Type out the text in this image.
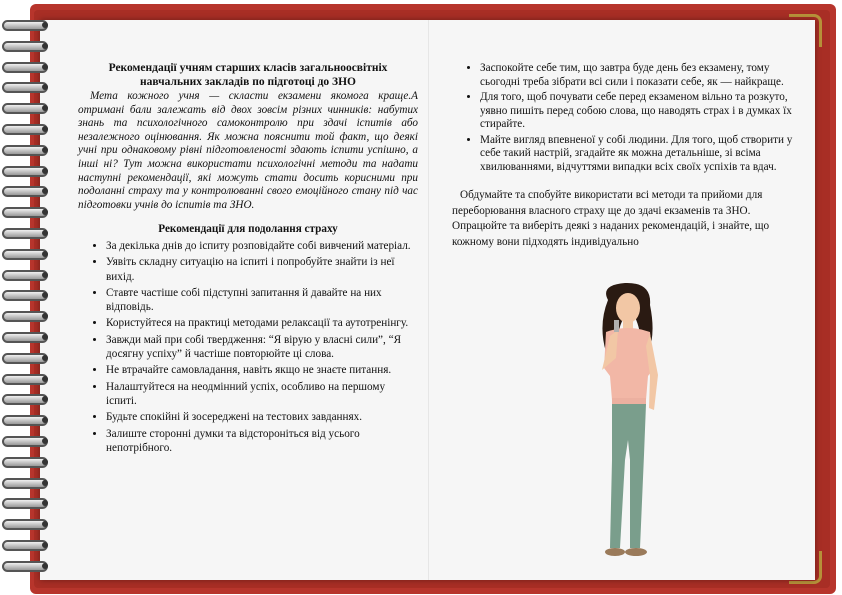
Рекомендації учням старших класів загальноосвітніх навчальних закладів по підготоці до ЗНО
Мета кожного учня — скласти екзамени якомога краще.А отримані бали залежать від двох зовсім різних чинників: набутих знань та психологічного самоконтролю при здачі іспитів або незалежного оцінювання. Як можна пояснити той факт, що деякі учні при однаковому рівні підготовленості здають іспити успішно, а інші ні? Тут можна використати психологічні методи та надати наступні рекомендації, які можуть стати досить корисними при подоланні страху та у контролюванні свого емоційного стану під час підготовки учнів до іспитів та ЗНО.
Рекомендації для подолання страху
• За декілька днів до іспиту розповідайте собі вивчений матеріал.
• Уявіть складну ситуацію на іспиті і попробуйте знайти із неї вихід.
• Ставте частіше собі підступні запитання й давайте на них відповідь.
• Користуйтеся на практиці методами релаксації та аутотренінгу.
• Завжди май при собі твердження: “Я вірую у власні сили”, “Я досягну успіху” й частіше повторюйте ці слова.
• Не втрачайте самовладання, навіть якщо не знаєте питання.
• Налаштуйтеся на неодмінний успіх, особливо на першому іспиті.
• Будьте спокійні й зосереджені на тестових завданнях.
• Залиште сторонні думки та відстороніться від усього непотрібного.
• Заспокойте себе тим, що завтра буде день без екзамену, тому сьогодні треба зібрати всі сили і показати себе, як — найкраще.
• Для того, щоб почувати себе перед екзаменом вільно та розкуто, уявно пишіть перед собою слова, що наводять страх і в думках їх стирайте.
• Майте вигляд впевненої у собі людини. Для того, щоб створити у себе такий настрій, згадайте як можна детальніше, зі всіма хвилюваннями, відчуттями випадки всіх своїх успіхів та вдач.
Обдумайте та спобуйте використати всі методи та прийоми для переборювання власного страху ще до здачі екзаменів та ЗНО. Опрацюйте та виберіть деякі з наданих рекомендацій, і знайте, що кожному вони підходять індивідуально
